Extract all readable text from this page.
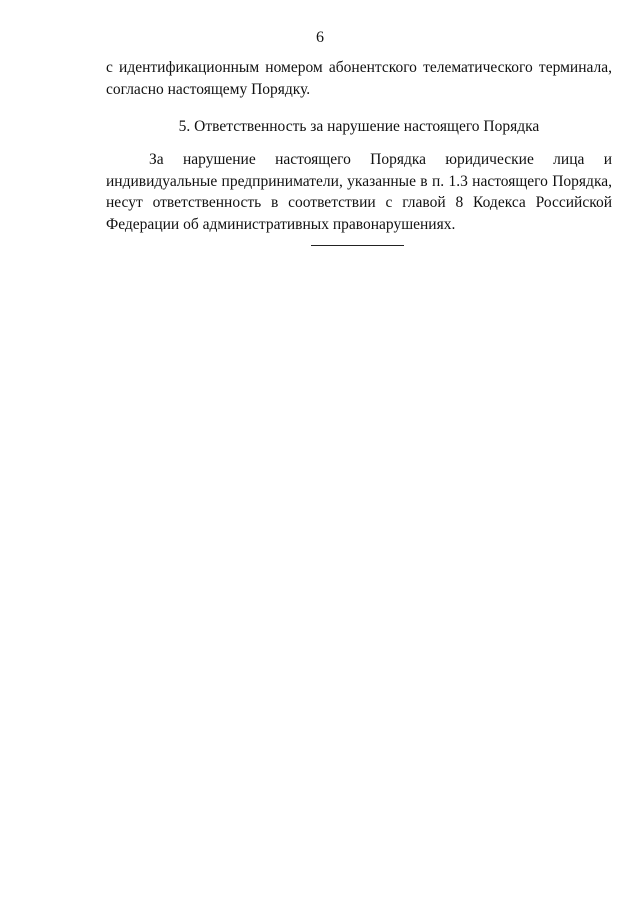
6
с идентификационным номером абонентского телематического терминала, согласно настоящему Порядку.
5. Ответственность за нарушение настоящего Порядка
За нарушение настоящего Порядка юридические лица и индивидуальные предприниматели, указанные в п. 1.3 настоящего Порядка, несут ответственность в соответствии с главой 8 Кодекса Российской Федерации об административных правонарушениях.
